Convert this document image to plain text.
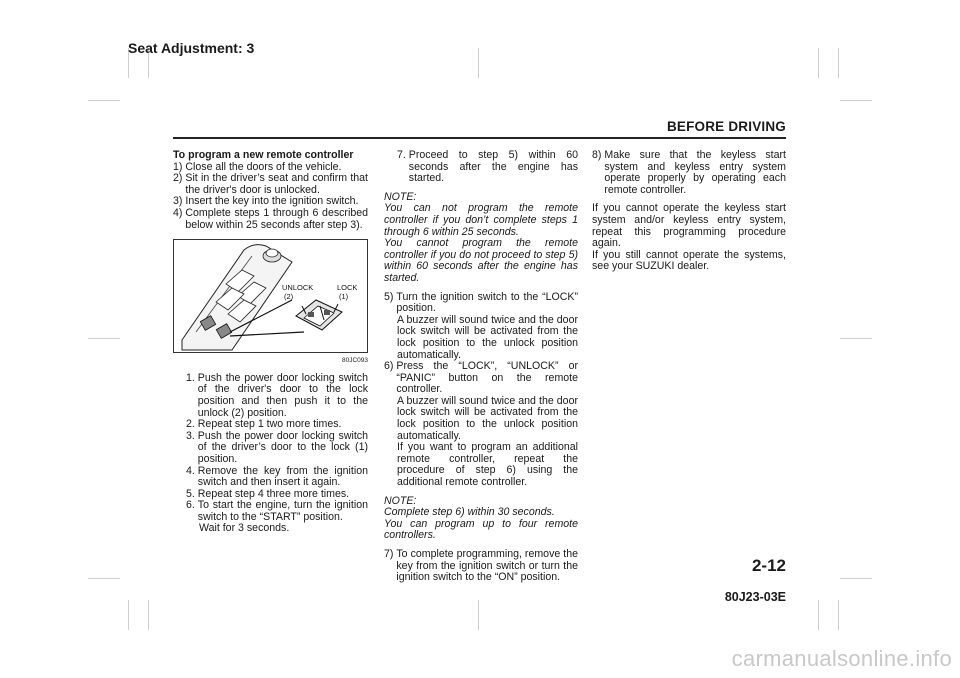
Seat Adjustment: 3
BEFORE DRIVING
To program a new remote controller
1) Close all the doors of the vehicle.
2) Sit in the driver’s seat and confirm that the driver's door is unlocked.
3) Insert the key into the ignition switch.
4) Complete steps 1 through 6 described below within 25 seconds after step 3).
UNLOCK
(2)
LOCK
(1)
80JC093
1. Push the power door locking switch of the driver's door to the lock position and then push it to the unlock (2) position.
2. Repeat step 1 two more times.
3. Push the power door locking switch of the driver’s door to the lock (1) position.
4. Remove the key from the ignition switch and then insert it again.
5. Repeat step 4 three more times.
6. To start the engine, turn the ignition switch to the “START” position.
Wait for 3 seconds.
7. Proceed to step 5) within 60 seconds after the engine has started.
NOTE:
You can not program the remote controller if you don’t complete steps 1 through 6 within 25 seconds.
You cannot program the remote controller if you do not proceed to step 5) within 60 seconds after the engine has started.
5) Turn the ignition switch to the “LOCK” position.
A buzzer will sound twice and the door lock switch will be activated from the lock position to the unlock position automatically.
6) Press the “LOCK”, “UNLOCK” or “PANIC” button on the remote controller.
A buzzer will sound twice and the door lock switch will be activated from the lock position to the unlock position automatically.
If you want to program an additional remote controller, repeat the procedure of step 6) using the additional remote controller.
NOTE:
Complete step 6) within 30 seconds.
You can program up to four remote controllers.
7) To complete programming, remove the key from the ignition switch or turn the ignition switch to the “ON” position.
8) Make sure that the keyless start system and keyless entry system operate properly by operating each remote controller.
If you cannot operate the keyless start system and/or keyless entry system, repeat this programming procedure again.
If you still cannot operate the systems, see your SUZUKI dealer.
2-12
80J23-03E
carmanualsonline.info
